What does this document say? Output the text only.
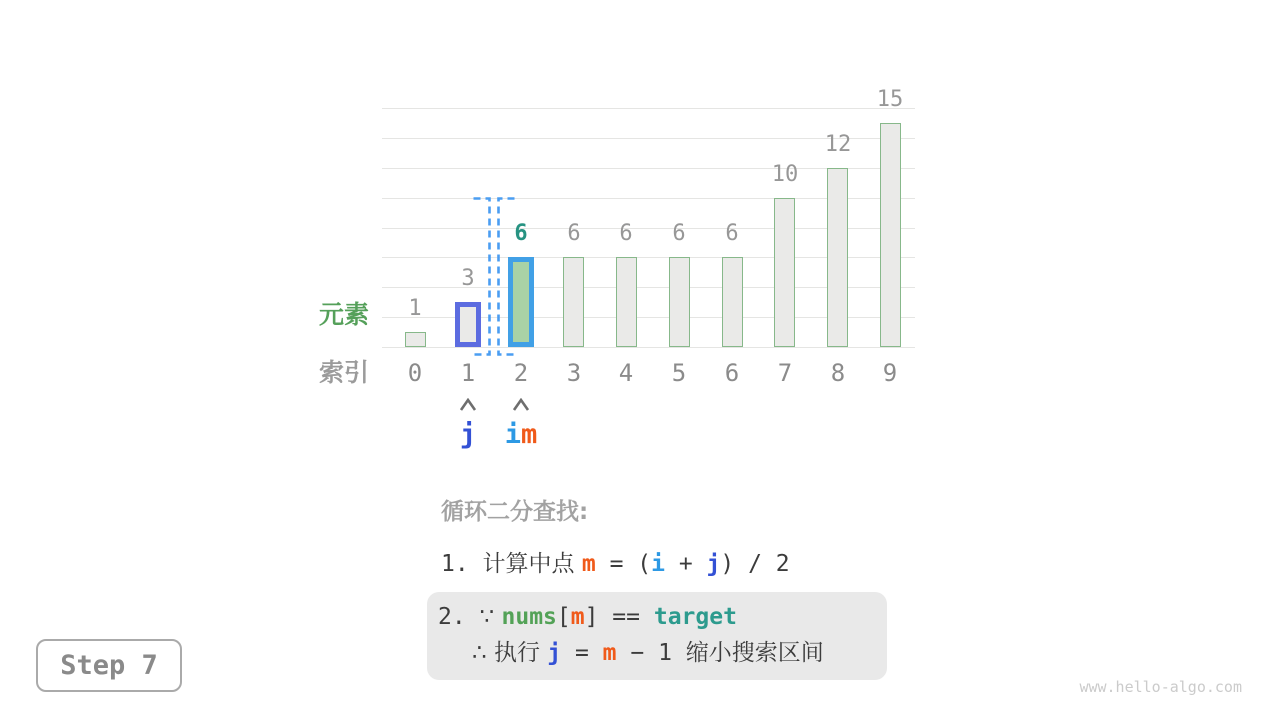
1
0
3
1
6
2
6
3
6
4
6
5
6
6
10
7
12
8
15
9
元素
索引
j	im
循环二分查找:
1. 计算中点 m = (i + j) / 2
2. ∵ nums[m] == target
∴ 执行 j = m − 1 缩小搜索区间
Step 7
www.hello-algo.com
